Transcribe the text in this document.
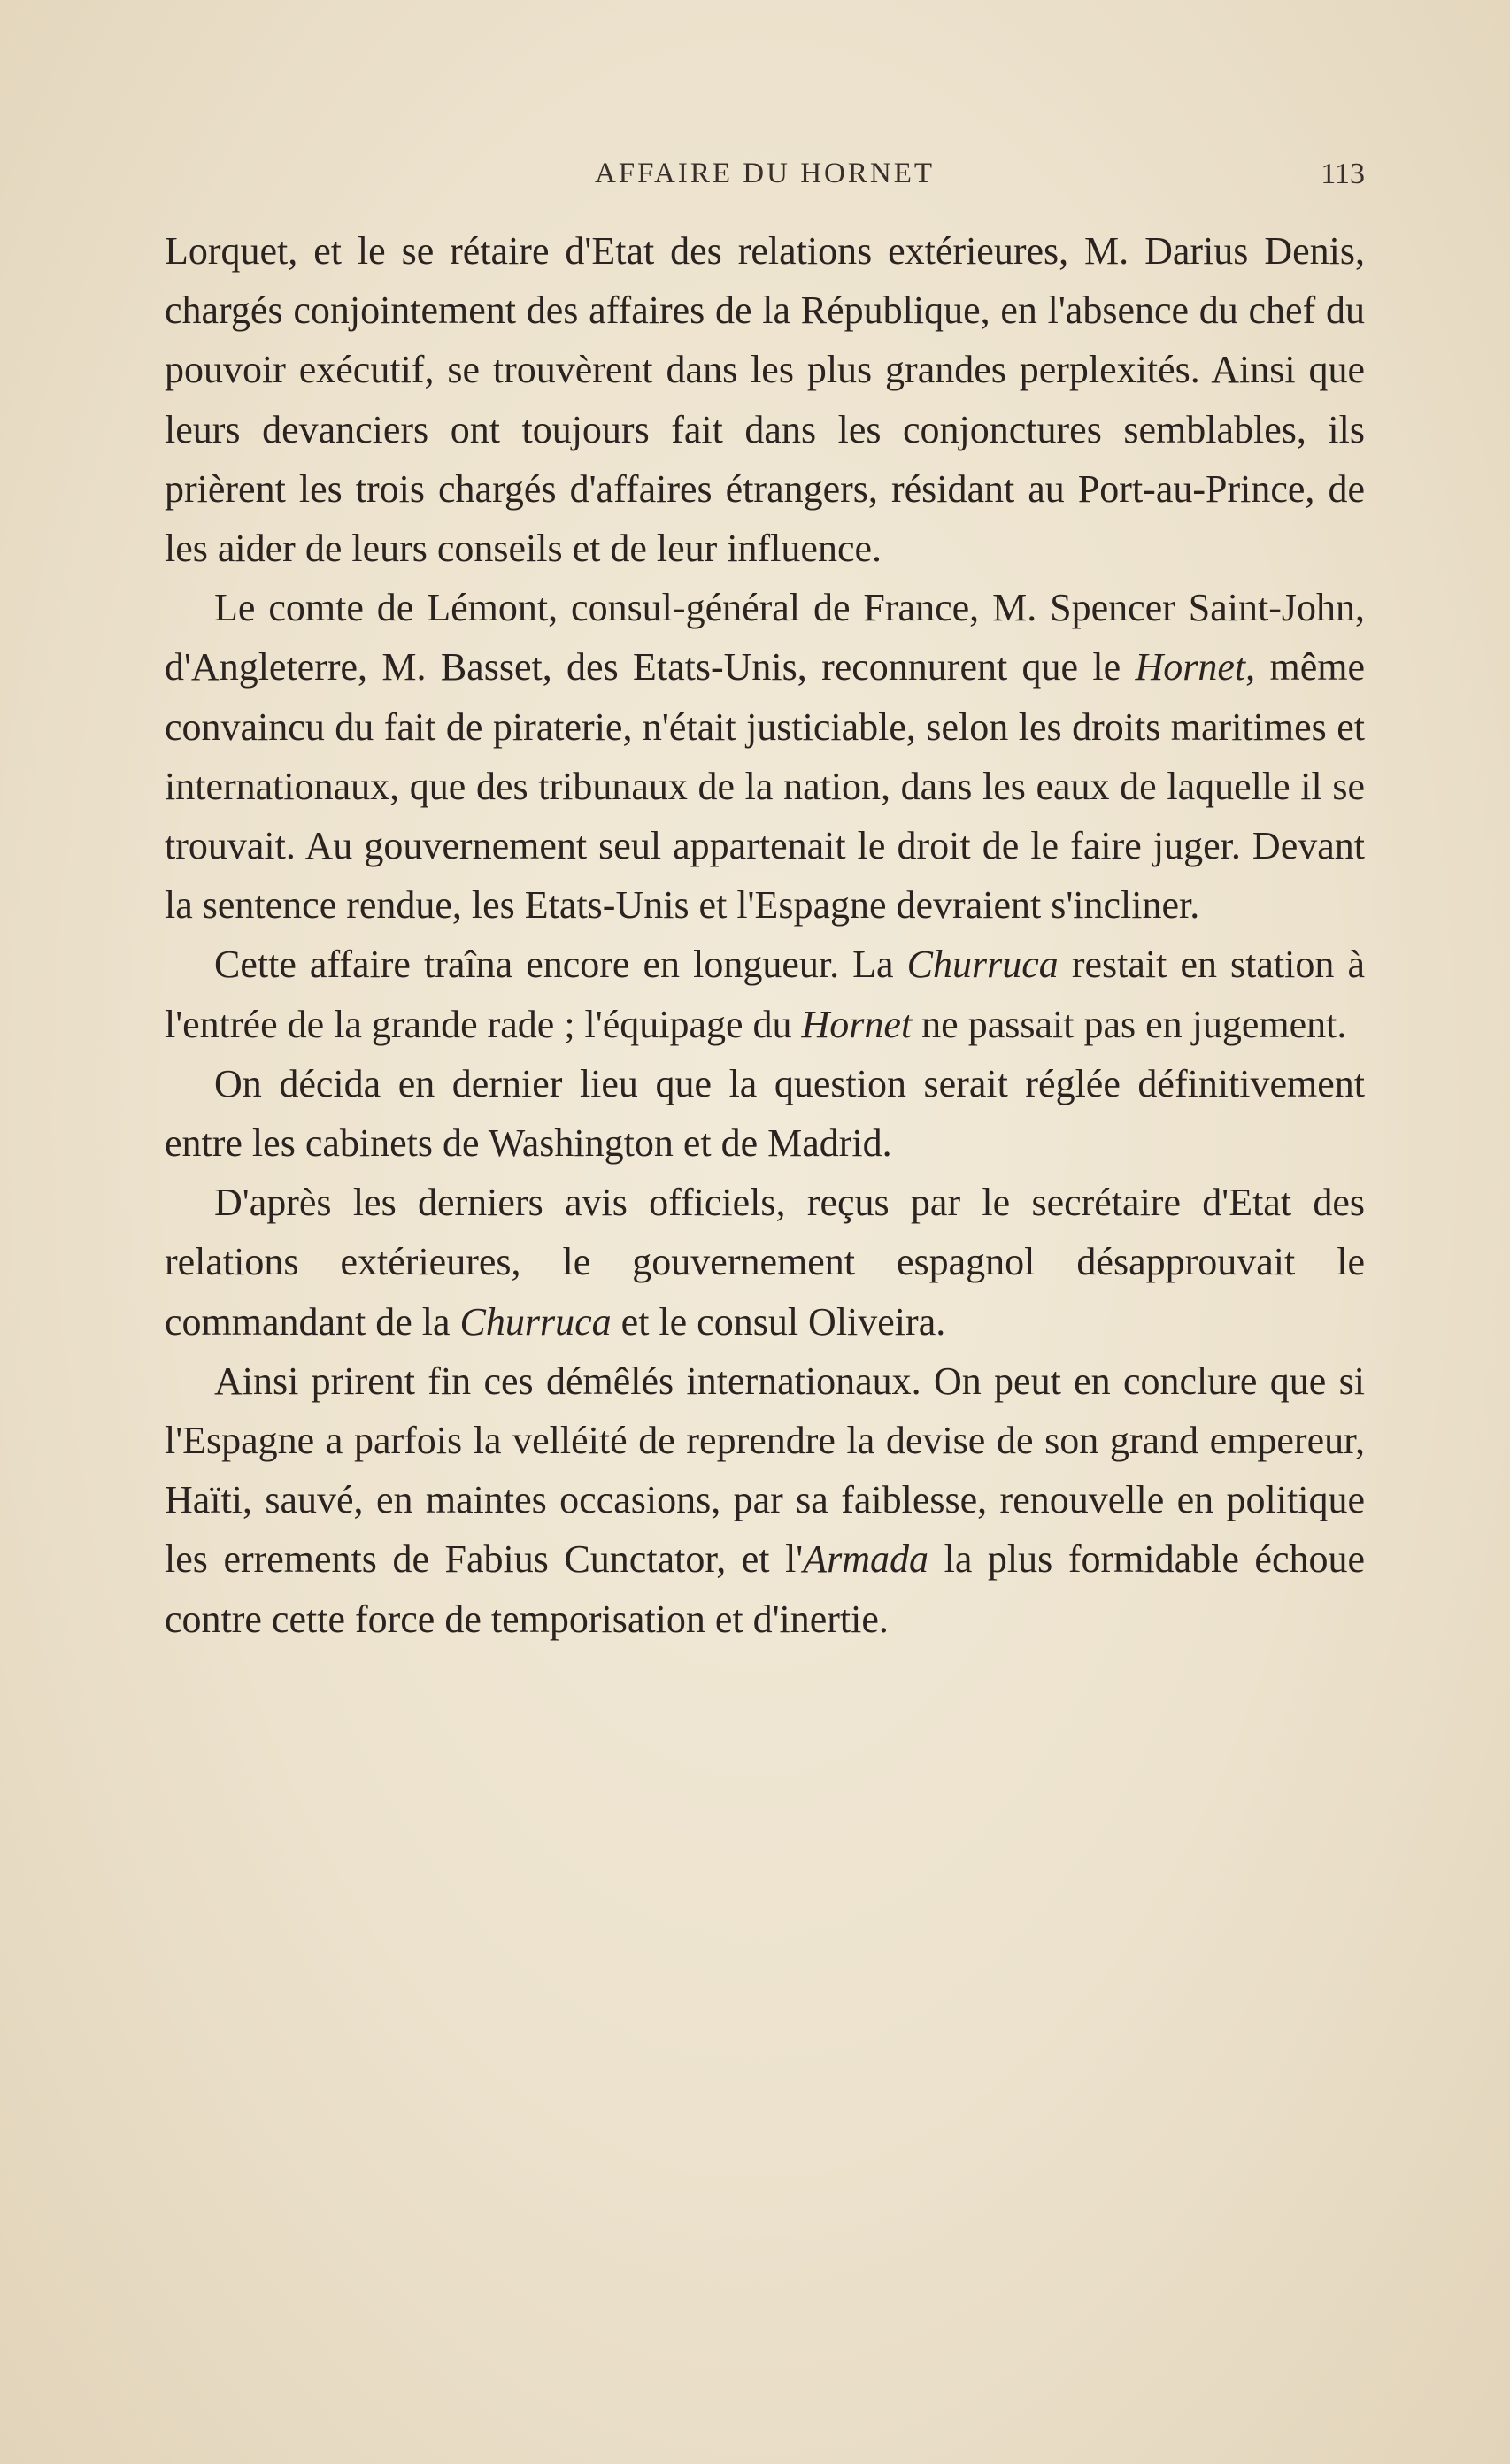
AFFAIRE DU HORNET	113

Lorquet, et le se rétaire d'Etat des relations extérieures, M. Darius Denis, chargés conjointement des affaires de la République, en l'absence du chef du pouvoir exécutif, se trouvèrent dans les plus grandes perplexités. Ainsi que leurs devanciers ont toujours fait dans les conjonctures semblables, ils prièrent les trois chargés d'affaires étrangers, résidant au Port-au-Prince, de les aider de leurs conseils et de leur influence.

Le comte de Lémont, consul-général de France, M. Spencer Saint-John, d'Angleterre, M. Basset, des Etats-Unis, reconnurent que le Hornet, même convaincu du fait de piraterie, n'était justiciable, selon les droits maritimes et internationaux, que des tribunaux de la nation, dans les eaux de laquelle il se trouvait. Au gouvernement seul appartenait le droit de le faire juger. Devant la sentence rendue, les Etats-Unis et l'Espagne devraient s'incliner.

Cette affaire traîna encore en longueur. La Churruca restait en station à l'entrée de la grande rade ; l'équipage du Hornet ne passait pas en jugement.

On décida en dernier lieu que la question serait réglée définitivement entre les cabinets de Washington et de Madrid.

D'après les derniers avis officiels, reçus par le secrétaire d'Etat des relations extérieures, le gouvernement espagnol désapprouvait le commandant de la Churruca et le consul Oliveira.

Ainsi prirent fin ces démêlés internationaux. On peut en conclure que si l'Espagne a parfois la velléité de reprendre la devise de son grand empereur, Haïti, sauvé, en maintes occasions, par sa faiblesse, renouvelle en politique les errements de Fabius Cunctator, et l'Armada la plus formidable échoue contre cette force de temporisation et d'inertie.
